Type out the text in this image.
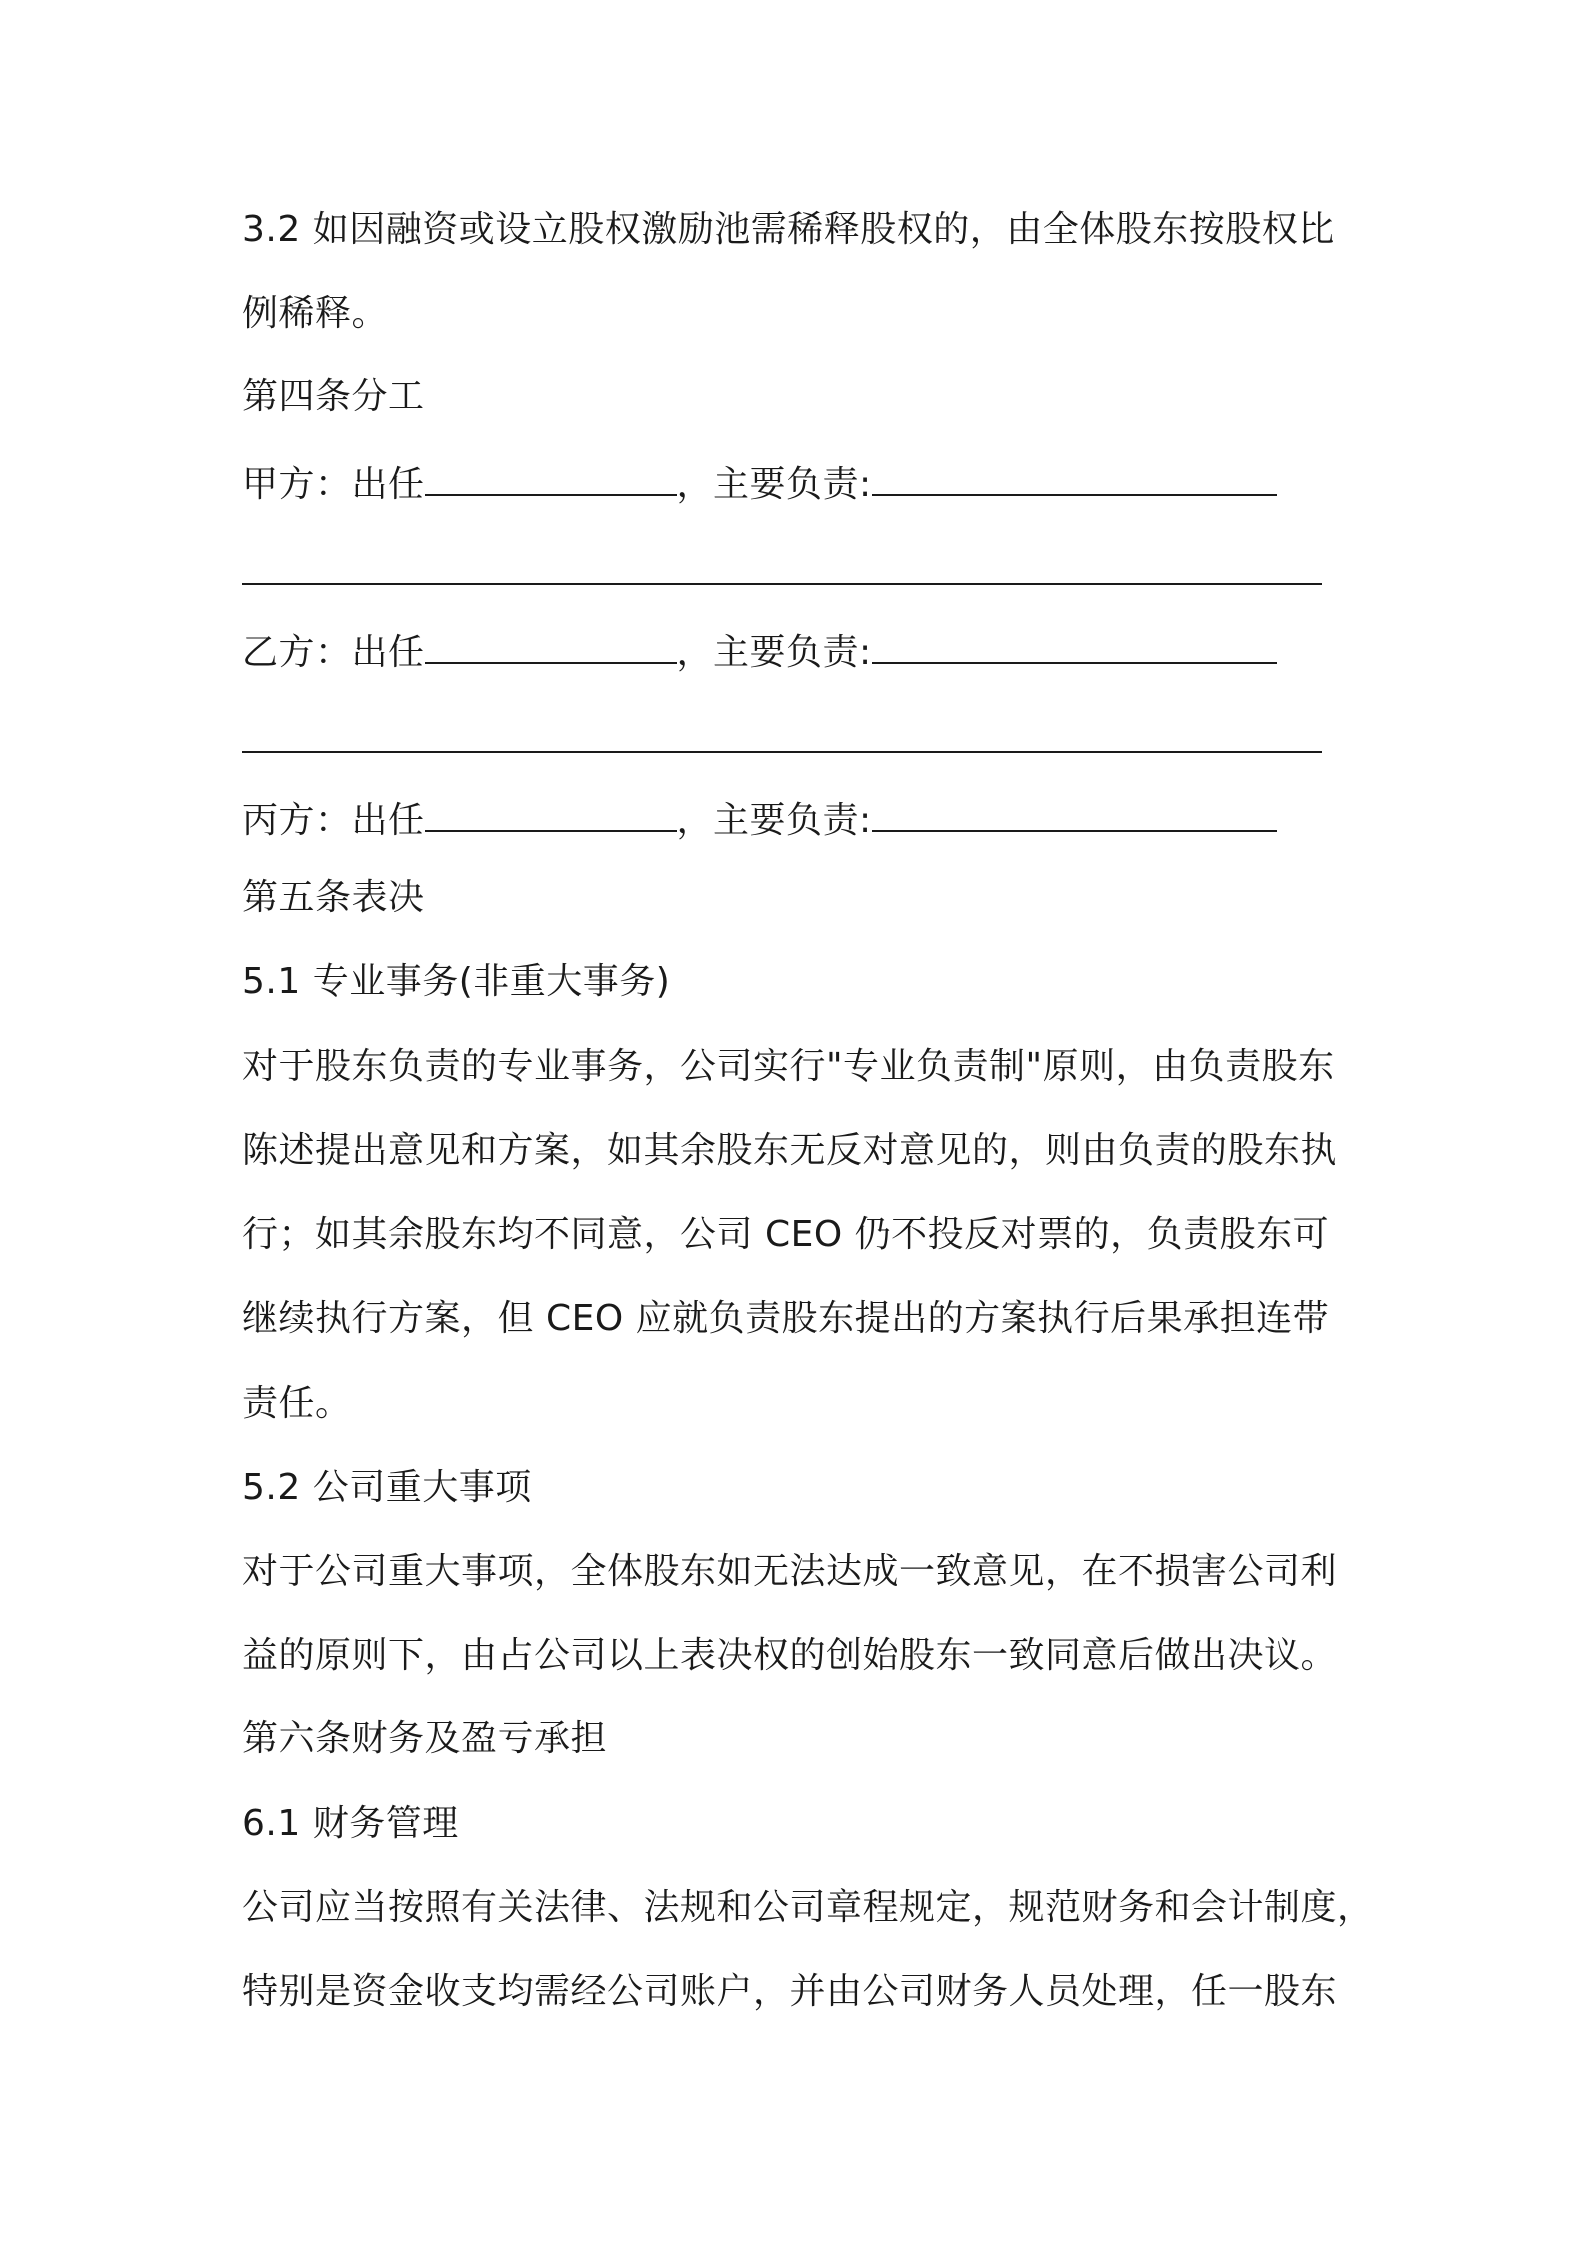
3.2 如因融资或设立股权激励池需稀释股权的，由全体股东按股权比

例稀释。

第四条分工

甲方：出任	，主要负责:

乙方：出任	，主要负责:

丙方：出任	，主要负责:

第五条表决

5.1 专业事务(非重大事务)

对于股东负责的专业事务，公司实行"专业负责制"原则，由负责股东

陈述提出意见和方案，如其余股东无反对意见的，则由负责的股东执

行；如其余股东均不同意，公司 CEO 仍不投反对票的，负责股东可

继续执行方案，但 CEO 应就负责股东提出的方案执行后果承担连带

责任。

5.2 公司重大事项

对于公司重大事项，全体股东如无法达成一致意见，在不损害公司利

益的原则下，由占公司以上表决权的创始股东一致同意后做出决议。

第六条财务及盈亏承担

6.1 财务管理

公司应当按照有关法律、法规和公司章程规定，规范财务和会计制度，

特别是资金收支均需经公司账户，并由公司财务人员处理，任一股东
